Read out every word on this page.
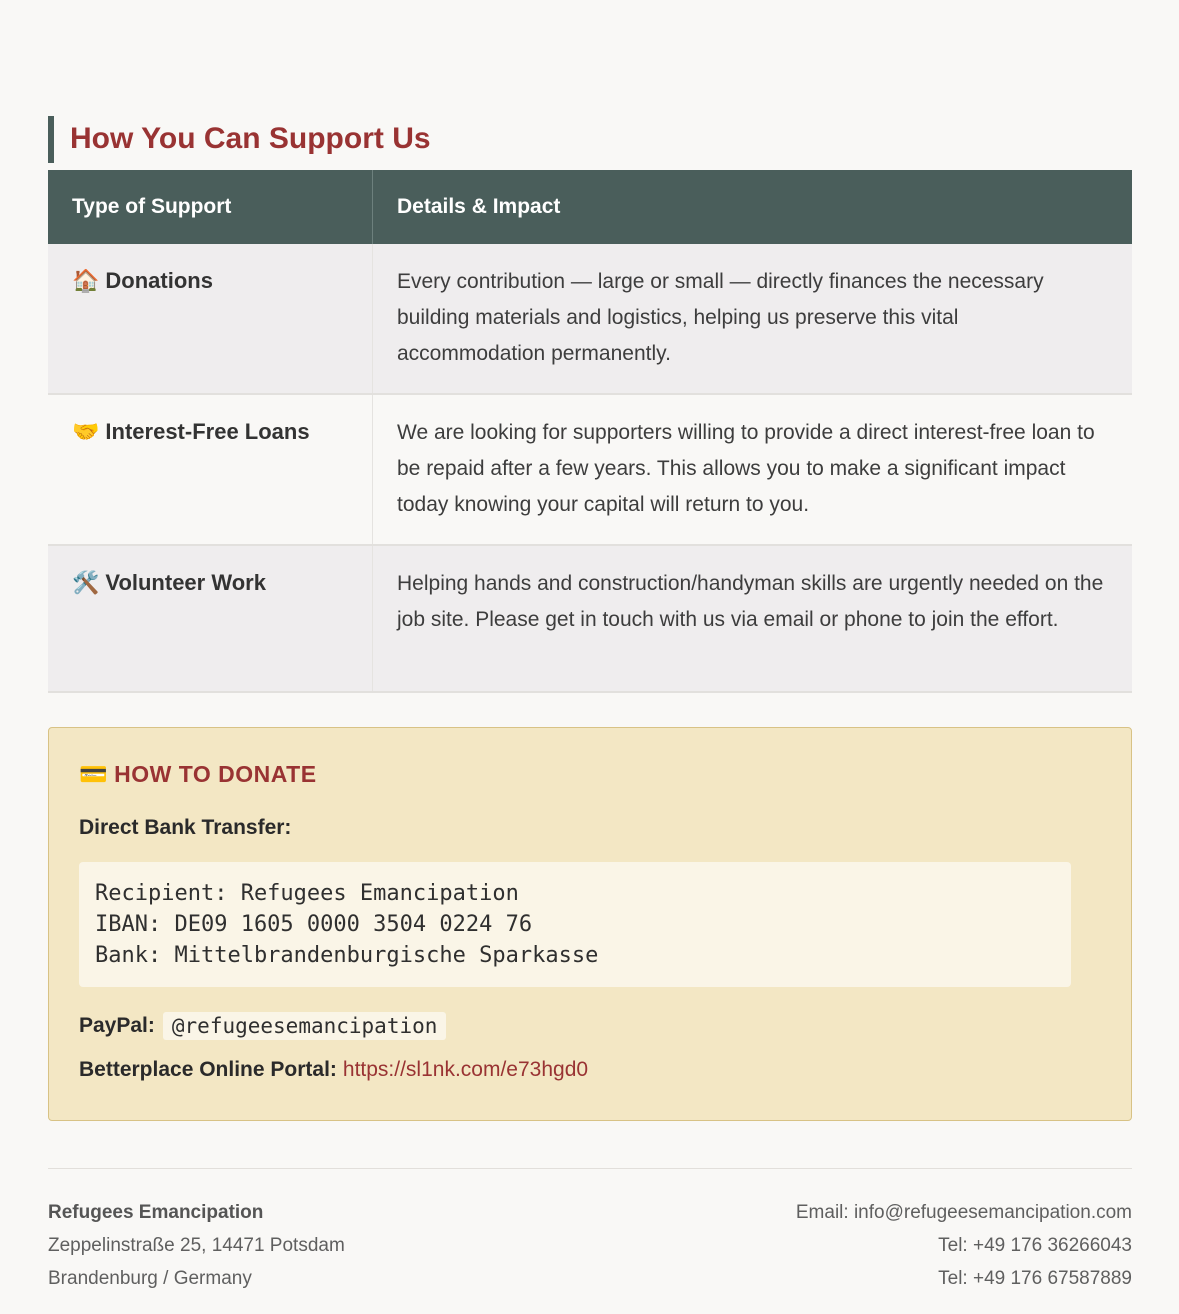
How You Can Support Us
Type of Support	Details & Impact
🏠 Donations	Every contribution — large or small — directly finances the necessary building materials and logistics, helping us preserve this vital accommodation permanently.
🤝 Interest-Free Loans	We are looking for supporters willing to provide a direct interest-free loan to be repaid after a few years. This allows you to make a significant impact today knowing your capital will return to you.
🛠️ Volunteer Work	Helping hands and construction/handyman skills are urgently needed on the job site. Please get in touch with us via email or phone to join the effort.
💳 HOW TO DONATE
Direct Bank Transfer:
Recipient: Refugees Emancipation
IBAN: DE09 1605 0000 3504 0224 76
Bank: Mittelbrandenburgische Sparkasse
PayPal: @refugeesemancipation
Betterplace Online Portal: https://sl1nk.com/e73hgd0
Refugees Emancipation
Zeppelinstraße 25, 14471 Potsdam
Brandenburg / Germany
Email: info@refugeesemancipation.com
Tel: +49 176 36266043
Tel: +49 176 67587889
